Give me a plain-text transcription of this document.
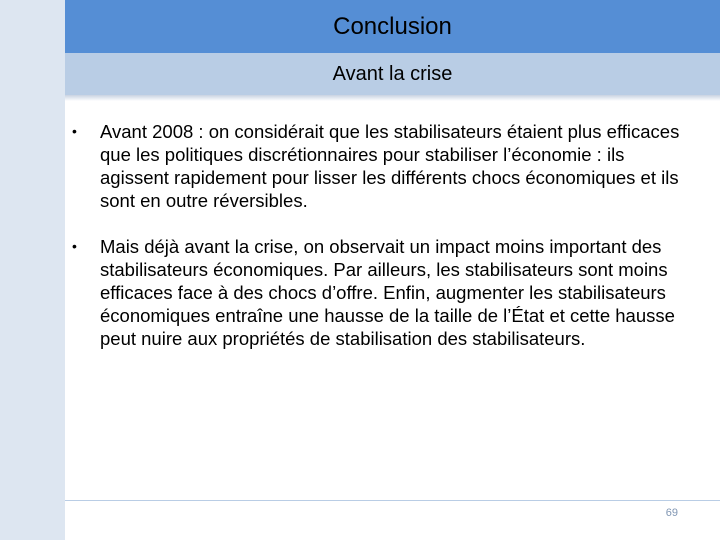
Conclusion
Avant la crise
• Avant 2008 : on considérait que les stabilisateurs étaient plus efficaces que les politiques discrétionnaires pour stabiliser l’économie : ils agissent rapidement pour lisser les différents chocs économiques et ils sont en outre réversibles.
• Mais déjà avant la crise, on observait un impact moins important des stabilisateurs économiques. Par ailleurs, les stabilisateurs sont moins efficaces face à des chocs d’offre. Enfin, augmenter les stabilisateurs économiques entraîne une hausse de la taille de l’État et cette hausse peut nuire aux propriétés de stabilisation des stabilisateurs.
69
